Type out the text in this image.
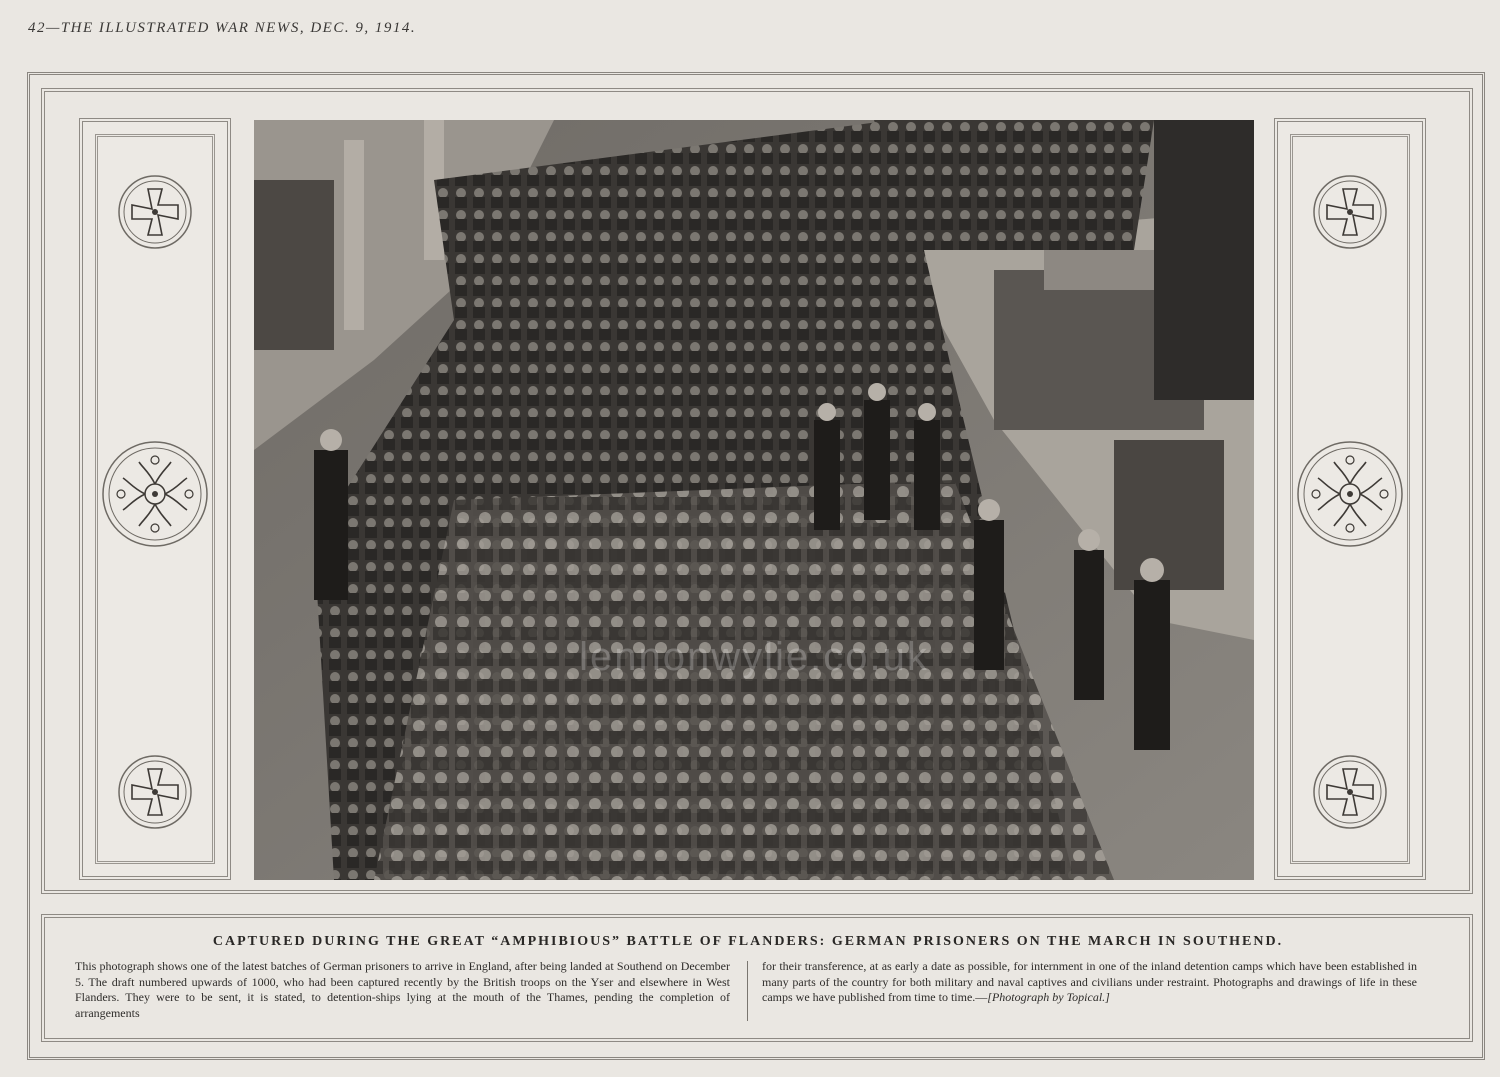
42—THE ILLUSTRATED WAR NEWS, DEC. 9, 1914.
lennonwylie.co.uk
CAPTURED DURING THE GREAT “AMPHIBIOUS” BATTLE OF FLANDERS: GERMAN PRISONERS ON THE MARCH IN SOUTHEND.
This photograph shows one of the latest batches of German prisoners to arrive in England, after being landed at Southend on December 5. The draft numbered upwards of 1000, who had been captured recently by the British troops on the Yser and elsewhere in West Flanders. They were to be sent, it is stated, to detention-ships lying at the mouth of the Thames, pending the completion of arrangements
for their transference, at as early a date as possible, for internment in one of the inland detention camps which have been established in many parts of the country for both military and naval captives and civilians under restraint. Photographs and drawings of life in these camps we have published from time to time.—[Photograph by Topical.]
